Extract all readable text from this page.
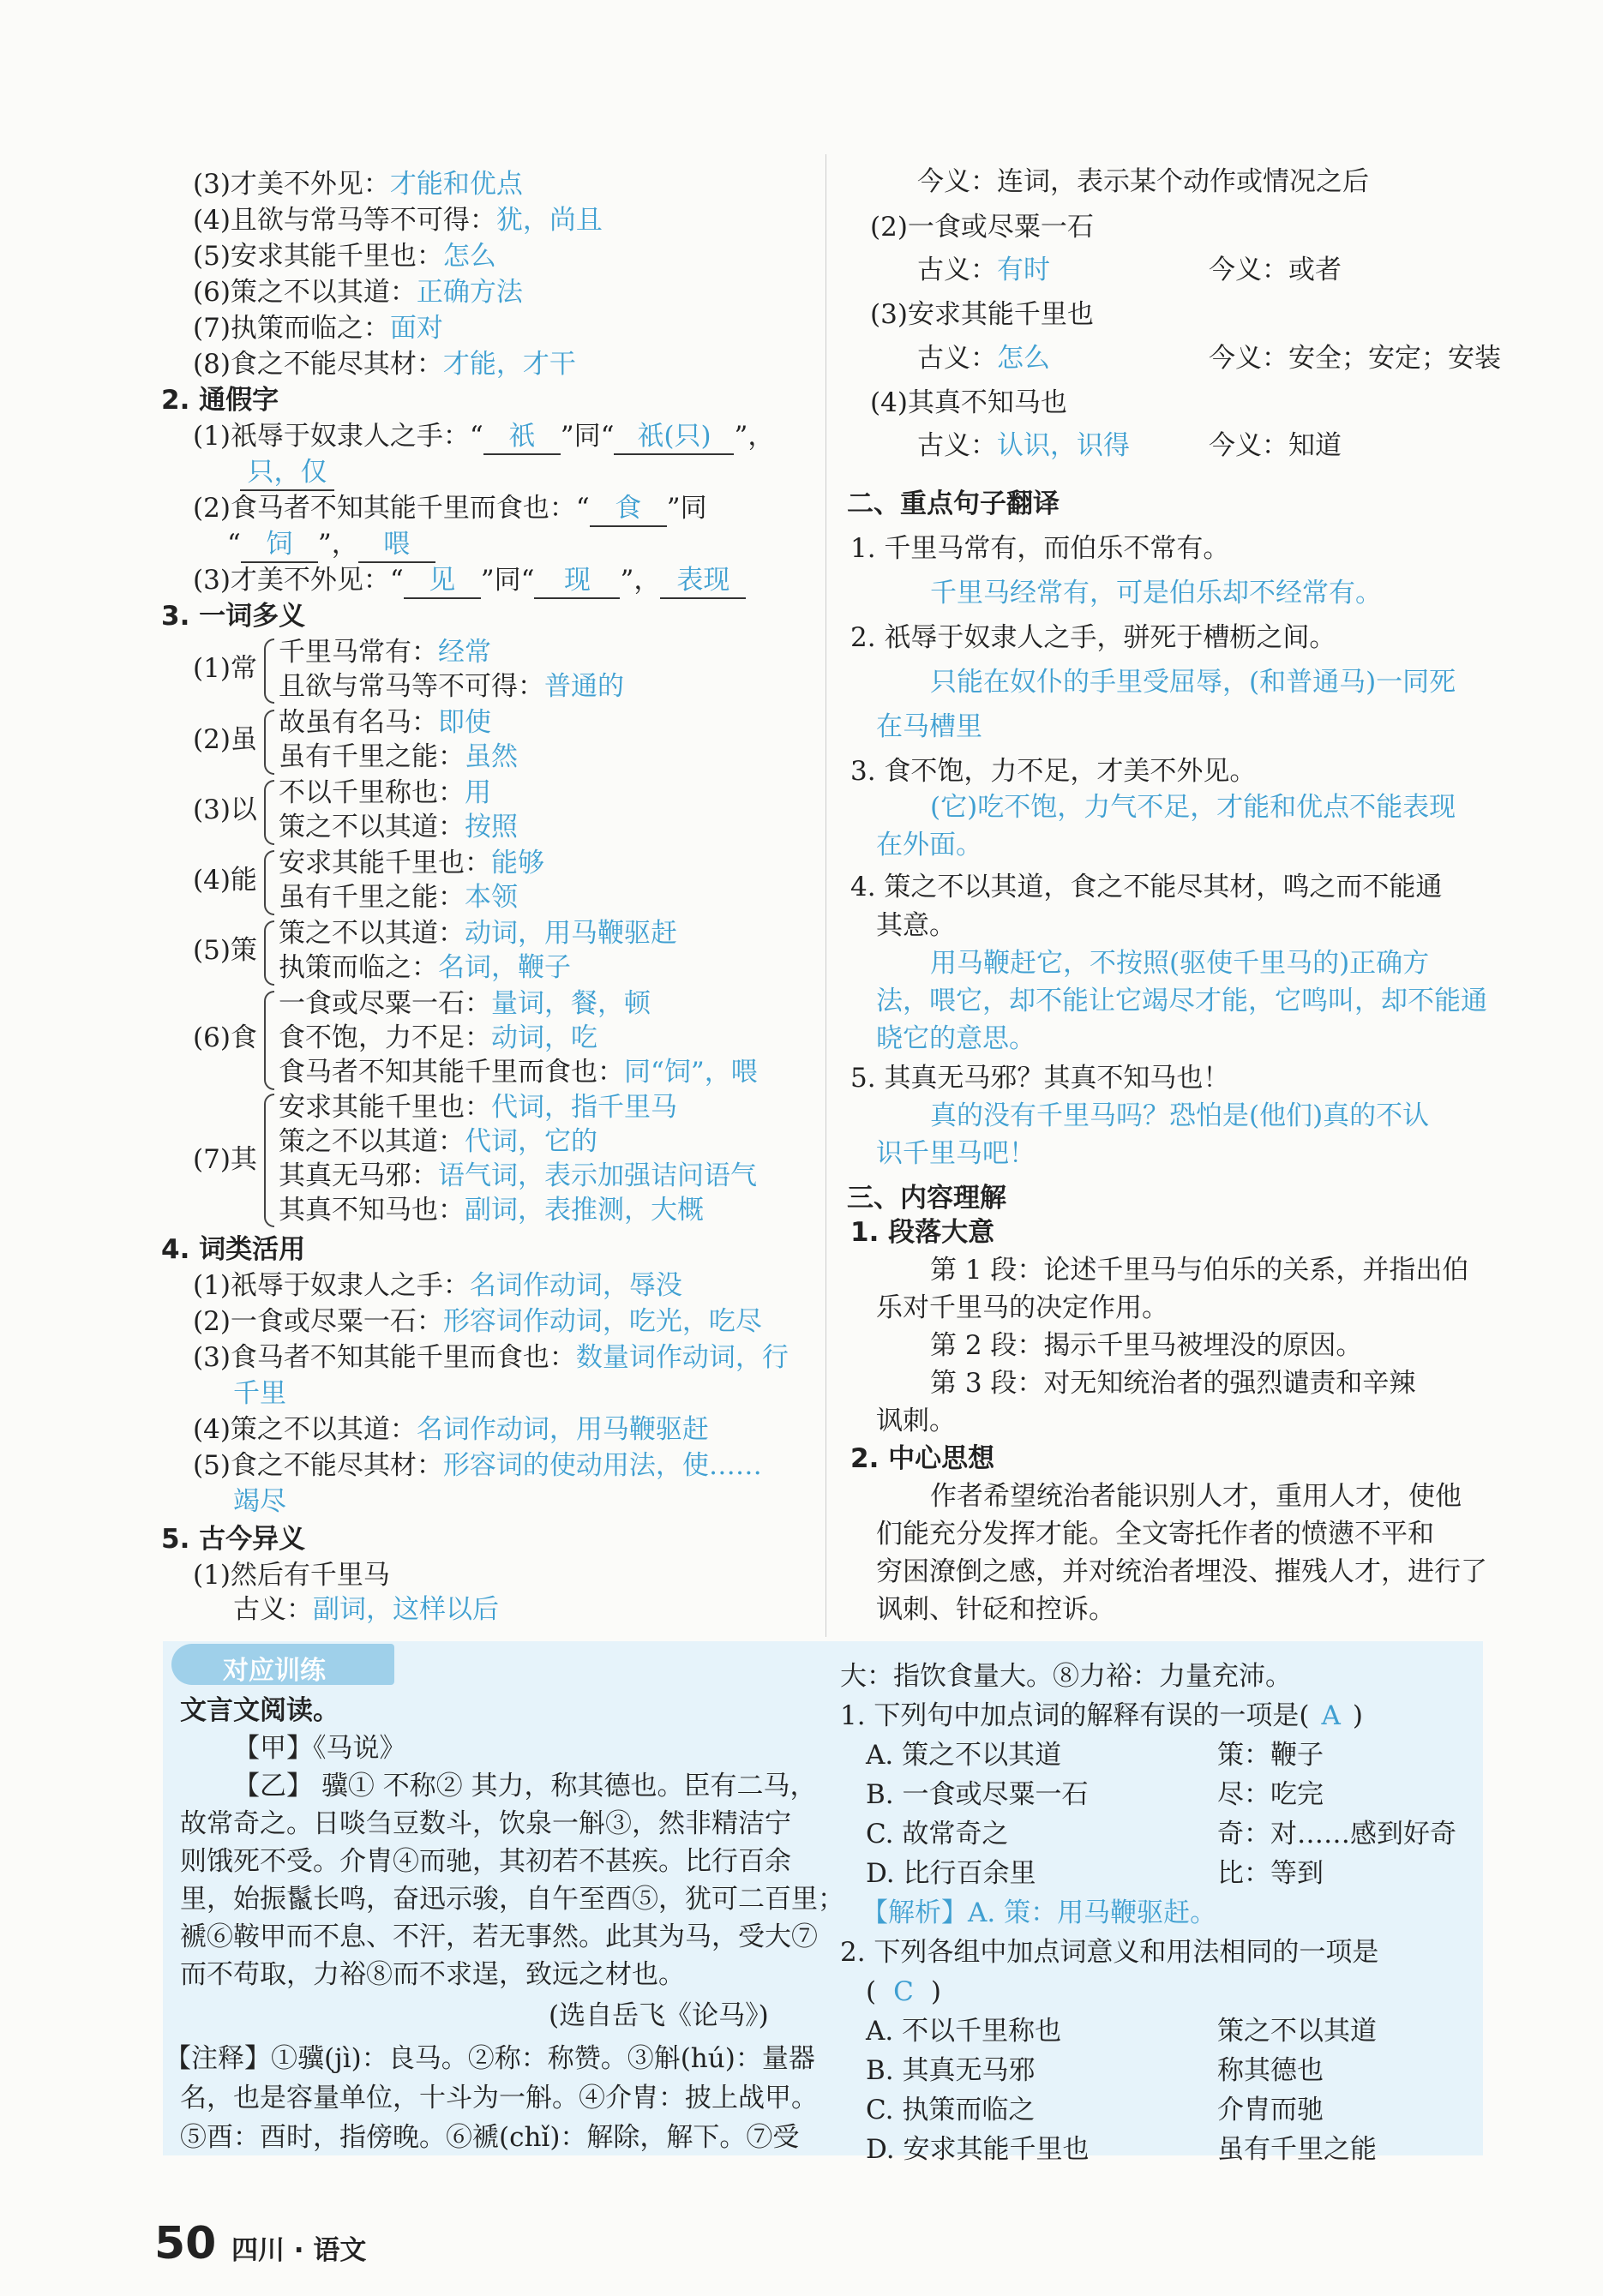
(3)才美不外见：才能和优点
(4)且欲与常马等不可得：犹，尚且
(5)安求其能千里也：怎么
(6)策之不以其道：正确方法
(7)执策而临之：面对
(8)食之不能尽其材：才能，才干
2. 通假字
(1)祇辱于奴隶人之手：“ 祇 ”同“ 祇(只) ”，
只，仅
(2)食马者不知其能千里而食也：“ 食 ”同
“ 饲 ”， 喂
(3)才美不外见：“ 见 ”同“ 现 ”， 表现
3. 一词多义
(1)常
千里马常有：经常
且欲与常马等不可得：普通的
(2)虽
故虽有名马：即使
虽有千里之能：虽然
(3)以
不以千里称也：用
策之不以其道：按照
(4)能
安求其能千里也：能够
虽有千里之能：本领
(5)策
策之不以其道：动词，用马鞭驱赶
执策而临之：名词，鞭子
(6)食
一食或尽粟一石：量词，餐，顿
食不饱，力不足：动词，吃
食马者不知其能千里而食也：同“饲”，喂
(7)其
安求其能千里也：代词，指千里马
策之不以其道：代词，它的
其真无马邪：语气词，表示加强诘问语气
其真不知马也：副词，表推测，大概
4. 词类活用
(1)祇辱于奴隶人之手：名词作动词，辱没
(2)一食或尽粟一石：形容词作动词，吃光，吃尽
(3)食马者不知其能千里而食也：数量词作动词，行
千里
(4)策之不以其道：名词作动词，用马鞭驱赶
(5)食之不能尽其材：形容词的使动用法，使……
竭尽
5. 古今异义
(1)然后有千里马
古义：副词，这样以后
今义：连词，表示某个动作或情况之后
(2)一食或尽粟一石
古义：有时	今义：或者
(3)安求其能千里也
古义：怎么	今义：安全；安定；安装
(4)其真不知马也
古义：认识，识得	今义：知道
二、重点句子翻译
1. 千里马常有，而伯乐不常有。
千里马经常有，可是伯乐却不经常有。
2. 祇辱于奴隶人之手，骈死于槽枥之间。
只能在奴仆的手里受屈辱，(和普通马)一同死
在马槽里
3. 食不饱，力不足，才美不外见。
(它)吃不饱，力气不足，才能和优点不能表现
在外面。
4. 策之不以其道，食之不能尽其材，鸣之而不能通
其意。
用马鞭赶它，不按照(驱使千里马的)正确方
法，喂它，却不能让它竭尽才能，它鸣叫，却不能通
晓它的意思。
5. 其真无马邪？其真不知马也！
真的没有千里马吗？恐怕是(他们)真的不认
识千里马吧！
三、内容理解
1. 段落大意
第 1 段：论述千里马与伯乐的关系，并指出伯
乐对千里马的决定作用。
第 2 段：揭示千里马被埋没的原因。
第 3 段：对无知统治者的强烈谴责和辛辣
讽刺。
2. 中心思想
作者希望统治者能识别人才，重用人才，使他
们能充分发挥才能。全文寄托作者的愤懑不平和
穷困潦倒之感，并对统治者埋没、摧残人才，进行了
讽刺、针砭和控诉。
对应训练
文言文阅读。
【甲】《马说》
【乙】 骥① 不称② 其力，称其德也。臣有二马，
故常奇之。日啖刍豆数斗，饮泉一斛③，然非精洁宁
则饿死不受。介胄④而驰，其初若不甚疾。比行百余
里，始振鬣长鸣，奋迅示骏，自午至酉⑤，犹可二百里；
褫⑥鞍甲而不息、不汗，若无事然。此其为马，受大⑦
而不苟取，力裕⑧而不求逞，致远之材也。
(选自岳飞《论马》)
【注释】①骥(jì)：良马。②称：称赞。③斛(hú)：量器
名，也是容量单位，十斗为一斛。④介胄：披上战甲。
⑤酉：酉时，指傍晚。⑥褫(chǐ)：解除，解下。⑦受
大：指饮食量大。⑧力裕：力量充沛。
1. 下列句中加点词的解释有误的一项是( A )
A. 策之不以其道	策：鞭子
B. 一食或尽粟一石	尽：吃完
C. 故常奇之	奇：对……感到好奇
D. 比行百余里	比：等到
【解析】A. 策：用马鞭驱赶。
2. 下列各组中加点词意义和用法相同的一项是
( C )
A. 不以千里称也	策之不以其道
B. 其真无马邪	称其德也
C. 执策而临之	介胄而驰
D. 安求其能千里也	虽有千里之能
50 四川 · 语文
